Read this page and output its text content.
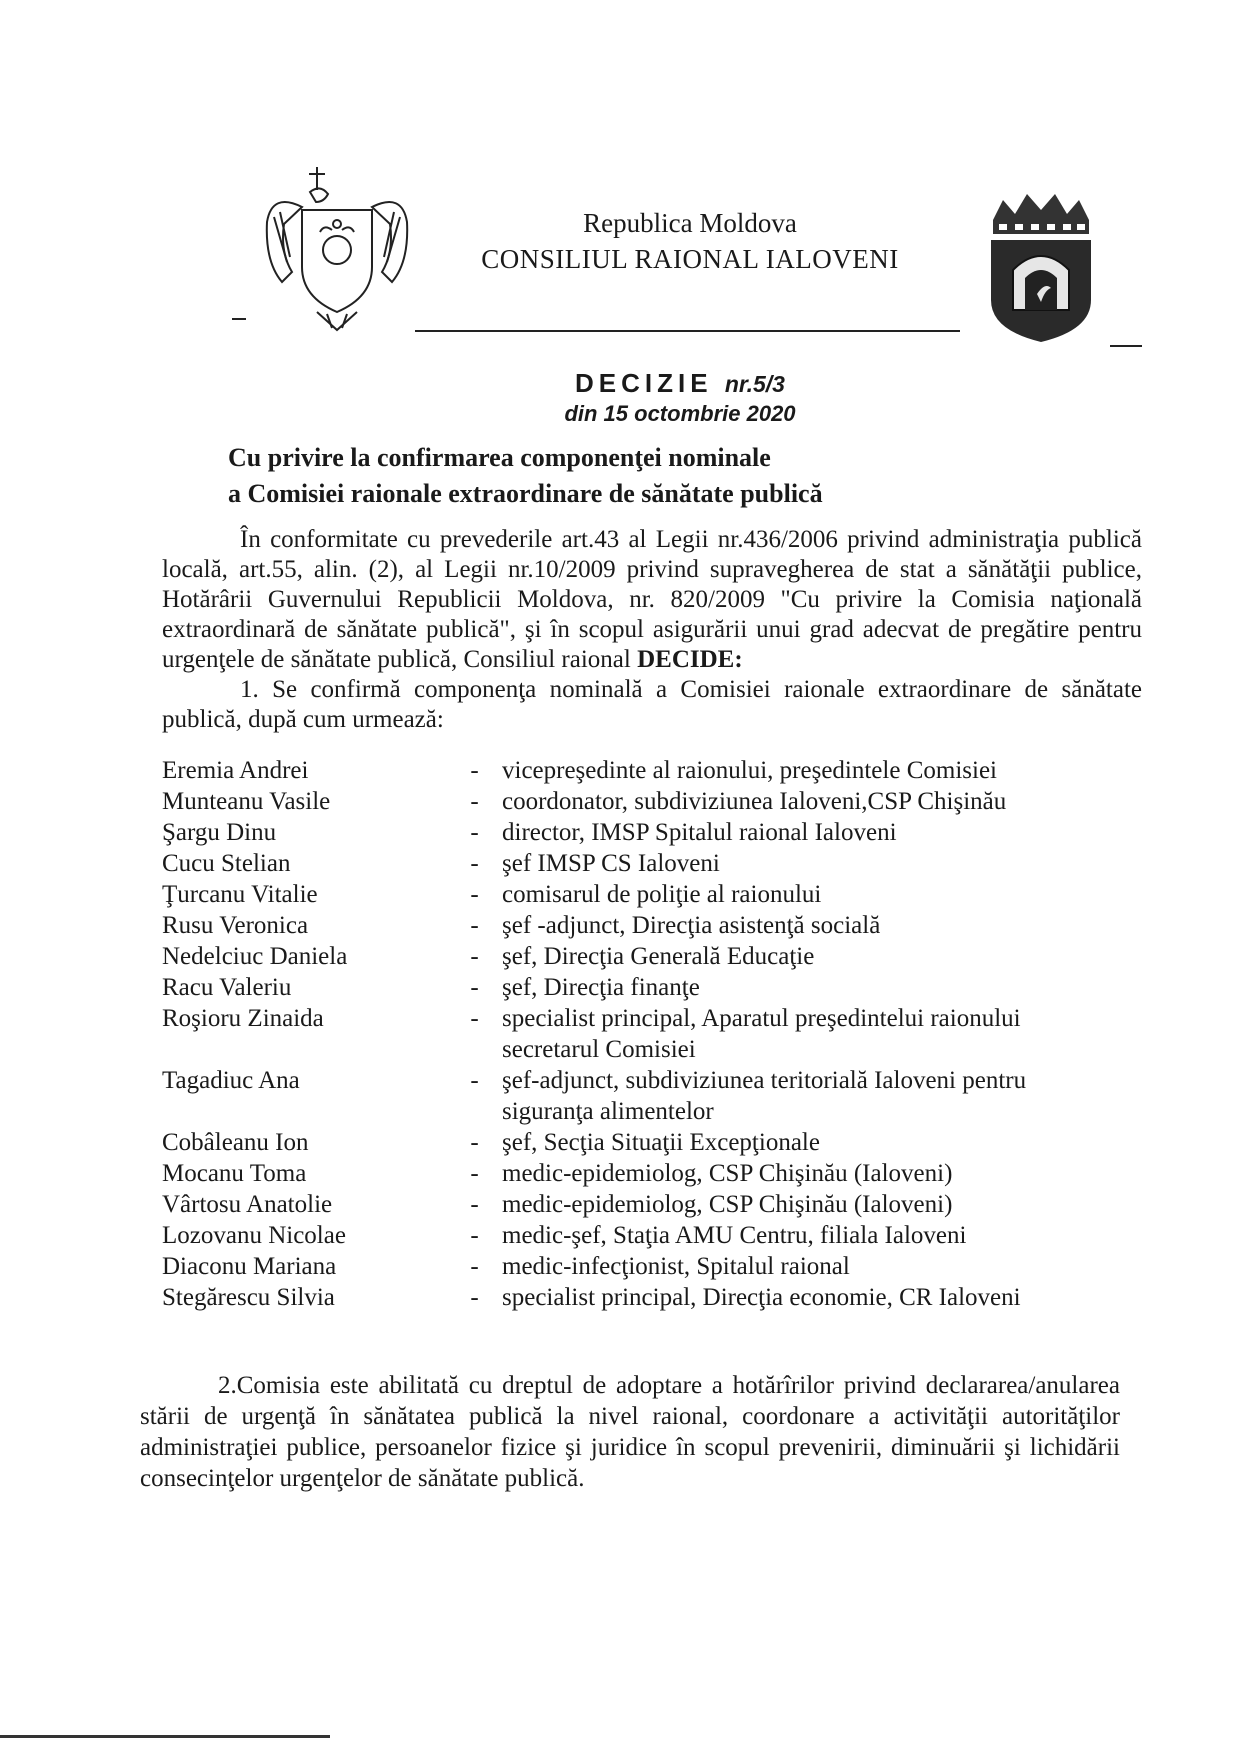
Republica Moldova

CONSILIUL RAIONAL IALOVENI

DECIZIE nr.5/3
din 15 octombrie 2020
Cu privire la confirmarea componenţei nominale
a Comisiei raionale extraordinare de sănătate publică

În conformitate cu prevederile art.43 al Legii nr.436/2006 privind administraţia publică locală, art.55, alin. (2), al Legii nr.10/2009 privind supravegherea de stat a sănătăţii publice, Hotărârii Guvernului Republicii Moldova, nr. 820/2009 "Cu privire la Comisia naţională extraordinară de sănătate publică", şi în scopul asigurării unui grad adecvat de pregătire pentru urgenţele de sănătate publică, Consiliul raional DECIDE:

1. Se confirmă componenţa nominală a Comisiei raionale extraordinare de sănătate publică, după cum urmează:

Eremia Andrei	- vicepreşedinte al raionului, preşedintele Comisiei
Munteanu Vasile	- coordonator, subdiviziunea Ialoveni,CSP Chişinău
Şargu Dinu	- director, IMSP Spitalul raional Ialoveni
Cucu Stelian	- şef IMSP CS Ialoveni
Ţurcanu Vitalie	- comisarul de poliţie al raionului
Rusu Veronica	- şef -adjunct, Direcţia asistenţă socială
Nedelciuc Daniela	- şef, Direcţia Generală Educaţie
Racu Valeriu	- şef, Direcţia finanţe
Roşioru Zinaida	- specialist principal, Aparatul preşedintelui raionului
secretarul Comisiei
Tagadiuc Ana	- şef-adjunct, subdiviziunea teritorială Ialoveni pentru
siguranţa alimentelor
Cobâleanu Ion	- şef, Secţia Situaţii Excepţionale
Mocanu Toma	- medic-epidemiolog, CSP Chişinău (Ialoveni)
Vârtosu Anatolie	- medic-epidemiolog, CSP Chişinău (Ialoveni)
Lozovanu Nicolae	- medic-şef, Staţia AMU Centru, filiala Ialoveni
Diaconu Mariana	- medic-infecţionist, Spitalul raional
Stegărescu Silvia	- specialist principal, Direcţia economie, CR Ialoveni

2.Comisia este abilitată cu dreptul de adoptare a hotărîrilor privind declararea/anularea stării de urgenţă în sănătatea publică la nivel raional, coordonare a activităţii autorităţilor administraţiei publice, persoanelor fizice şi juridice în scopul prevenirii, diminuării şi lichidării consecinţelor urgenţelor de sănătate publică.
